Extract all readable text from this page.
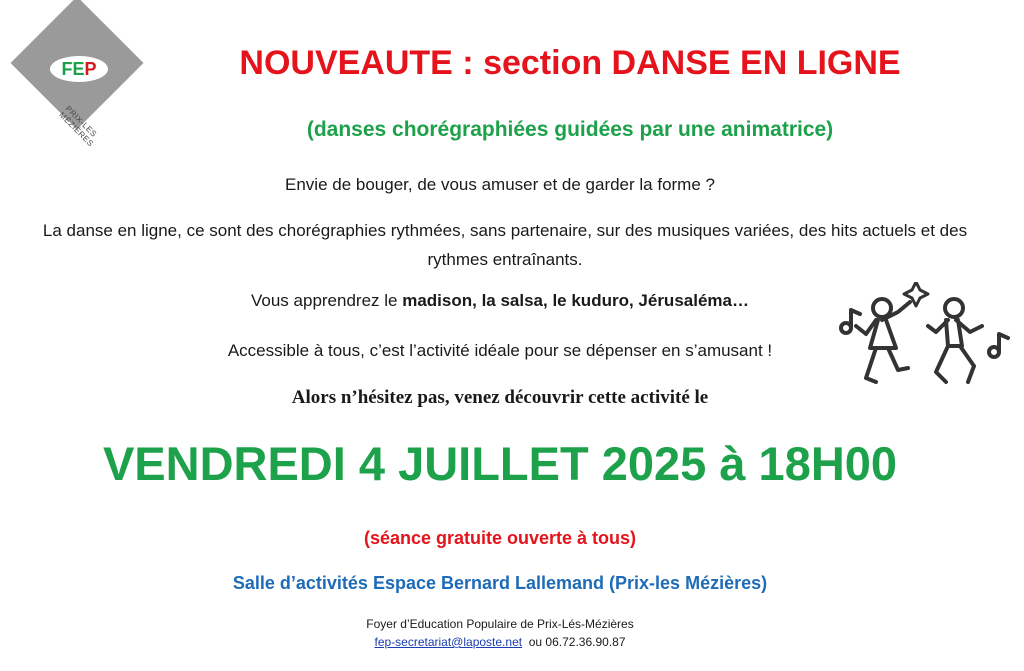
FEP
PRIX-LES MÉZIÈRES
NOUVEAUTE : section DANSE EN LIGNE
(danses chorégraphiées guidées par une animatrice)
Envie de bouger, de vous amuser et de garder la forme ?
La danse en ligne, ce sont des chorégraphies rythmées, sans partenaire, sur des musiques variées, des hits actuels et des rythmes entraînants.
Vous apprendrez le madison, la salsa, le kuduro, Jérusaléma…
Accessible à tous, c’est l’activité idéale pour se dépenser en s’amusant !
Alors n’hésitez pas, venez découvrir cette activité le
VENDREDI 4 JUILLET 2025 à 18H00
(séance gratuite ouverte à tous)
Salle d’activités Espace Bernard Lallemand (Prix-les Mézières)
Foyer d’Education Populaire de Prix-Lés-Mézières
fep-secretariat@laposte.net ou 06.72.36.90.87
